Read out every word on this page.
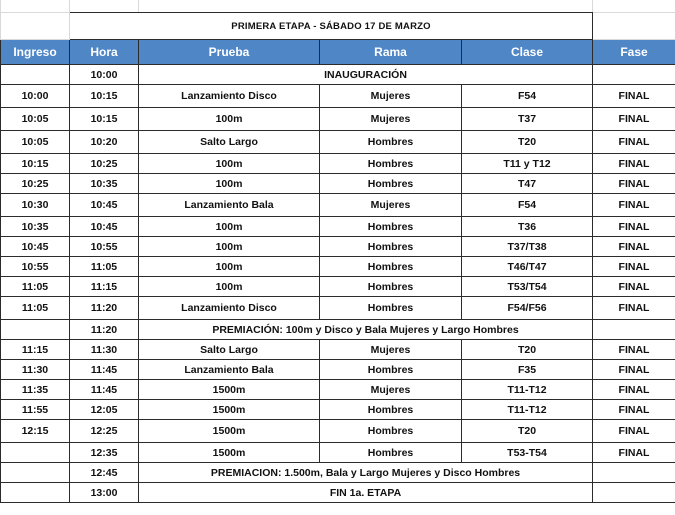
	PRIMERA ETAPA - SÁBADO 17 DE MARZO				
Ingreso	Hora	Prueba	Rama	Clase	Fase
	10:00	INAUGURACIÓN			
10:00	10:15	Lanzamiento Disco	Mujeres	F54	FINAL
10:05	10:15	100m	Mujeres	T37	FINAL
10:05	10:20	Salto Largo	Hombres	T20	FINAL
10:15	10:25	100m	Hombres	T11 y T12	FINAL
10:25	10:35	100m	Hombres	T47	FINAL
10:30	10:45	Lanzamiento Bala	Mujeres	F54	FINAL
10:35	10:45	100m	Hombres	T36	FINAL
10:45	10:55	100m	Hombres	T37/T38	FINAL
10:55	11:05	100m	Hombres	T46/T47	FINAL
11:05	11:15	100m	Hombres	T53/T54	FINAL
11:05	11:20	Lanzamiento Disco	Hombres	F54/F56	FINAL
	11:20	PREMIACIÓN: 100m y Disco y Bala Mujeres y Largo Hombres			
11:15	11:30	Salto Largo	Mujeres	T20	FINAL
11:30	11:45	Lanzamiento Bala	Hombres	F35	FINAL
11:35	11:45	1500m	Mujeres	T11-T12	FINAL
11:55	12:05	1500m	Hombres	T11-T12	FINAL
12:15	12:25	1500m	Hombres	T20	FINAL
	12:35	1500m	Hombres	T53-T54	FINAL
	12:45	PREMIACION: 1.500m, Bala y Largo Mujeres y Disco Hombres			
	13:00	FIN 1a. ETAPA			
